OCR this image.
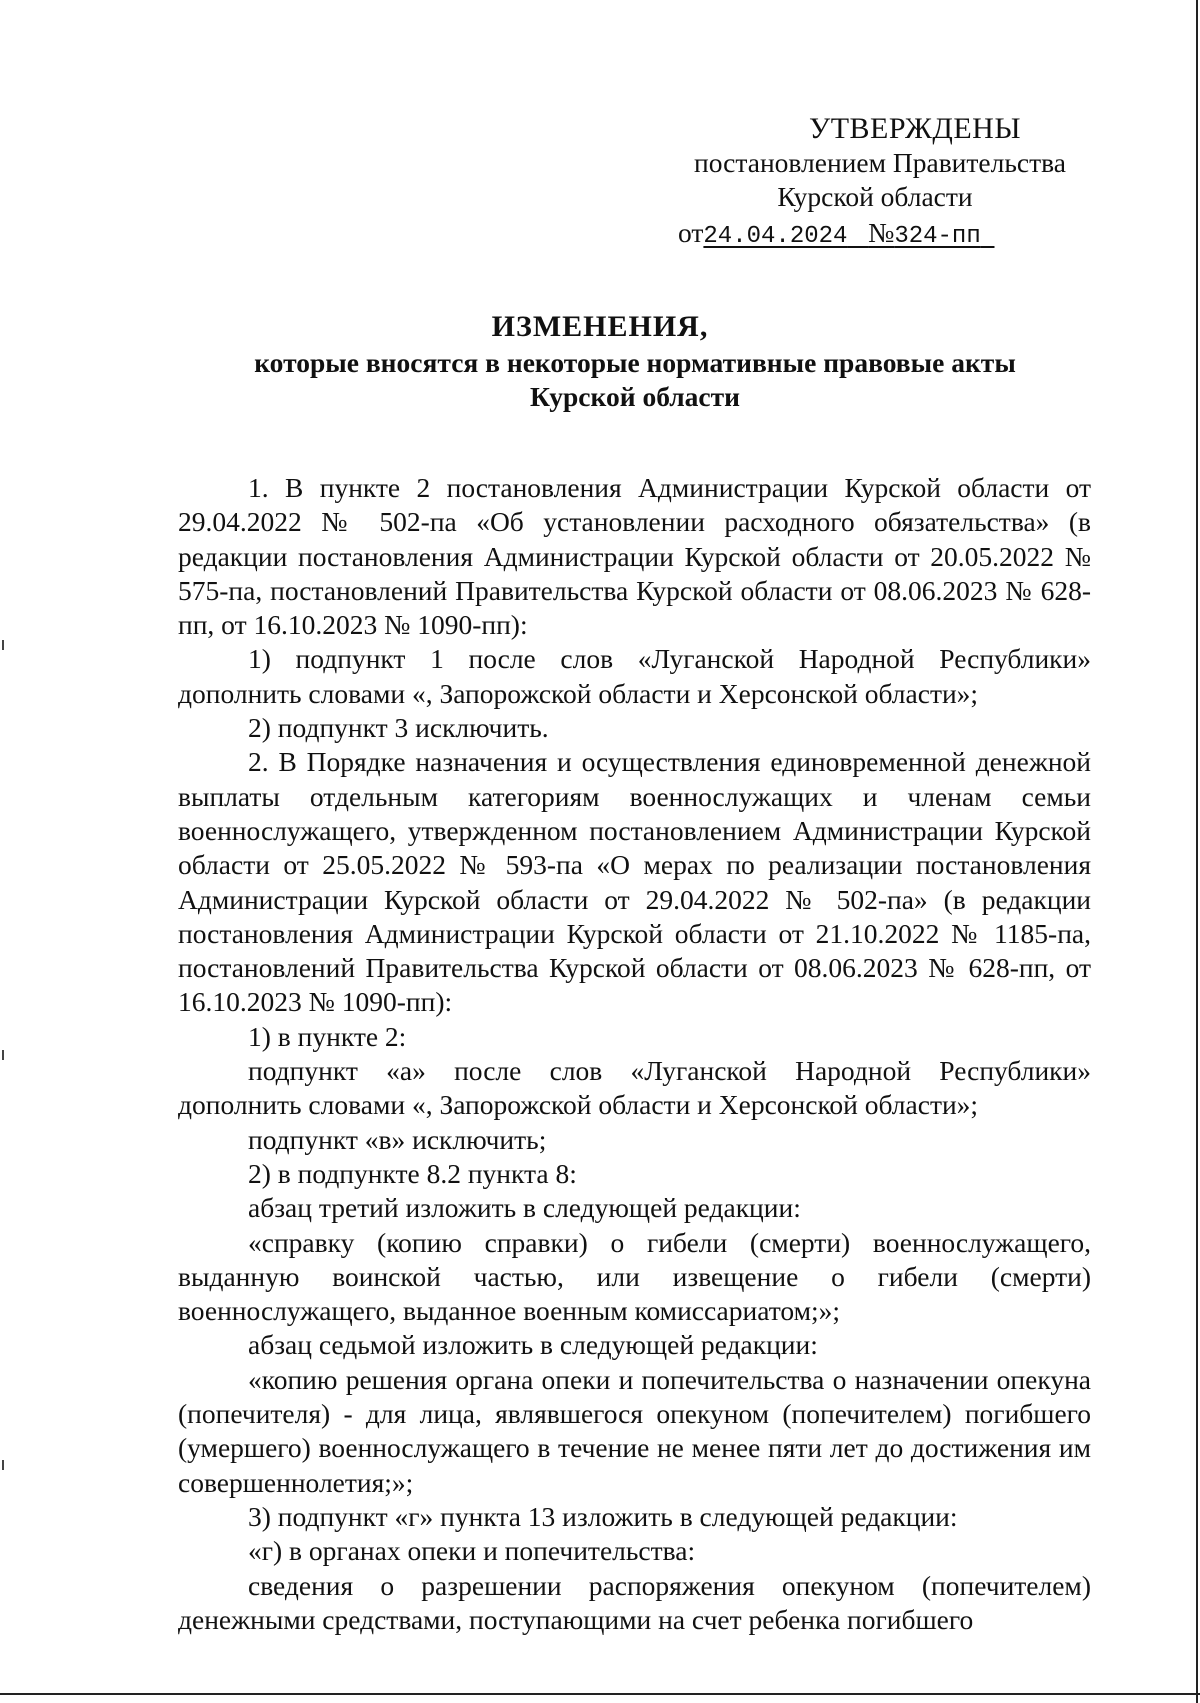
УТВЕРЖДЕНЫ
постановлением Правительства
Курской области
от24.04.2024 №324-пп
ИЗМЕНЕНИЯ,
которые вносятся в некоторые нормативные правовые акты
Курской области

1. В пункте 2 постановления Администрации Курской области от 29.04.2022 № 502-па «Об установлении расходного обязательства» (в редакции постановления Администрации Курской области от 20.05.2022 № 575-па, постановлений Правительства Курской области от 08.06.2023 № 628-пп, от 16.10.2023 № 1090-пп):

1) подпункт 1 после слов «Луганской Народной Республики» дополнить словами «, Запорожской области и Херсонской области»;

2) подпункт 3 исключить.

2. В Порядке назначения и осуществления единовременной денежной выплаты отдельным категориям военнослужащих и членам семьи военнослужащего, утвержденном постановлением Администрации Курской области от 25.05.2022 № 593-па «О мерах по реализации постановления Администрации Курской области от 29.04.2022 № 502-па» (в редакции постановления Администрации Курской области от 21.10.2022 № 1185-па, постановлений Правительства Курской области от 08.06.2023 № 628-пп, от 16.10.2023 № 1090-пп):

1) в пункте 2:

подпункт «а» после слов «Луганской Народной Республики» дополнить словами «, Запорожской области и Херсонской области»;

подпункт «в» исключить;

2) в подпункте 8.2 пункта 8:

абзац третий изложить в следующей редакции:

«справку (копию справки) о гибели (смерти) военнослужащего, выданную воинской частью, или извещение о гибели (смерти) военнослужащего, выданное военным комиссариатом;»;

абзац седьмой изложить в следующей редакции:

«копию решения органа опеки и попечительства о назначении опекуна (попечителя) - для лица, являвшегося опекуном (попечителем) погибшего (умершего) военнослужащего в течение не менее пяти лет до достижения им совершеннолетия;»;

3) подпункт «г» пункта 13 изложить в следующей редакции:

«г) в органах опеки и попечительства:

сведения о разрешении распоряжения опекуном (попечителем) денежными средствами, поступающими на счет ребенка погибшего
